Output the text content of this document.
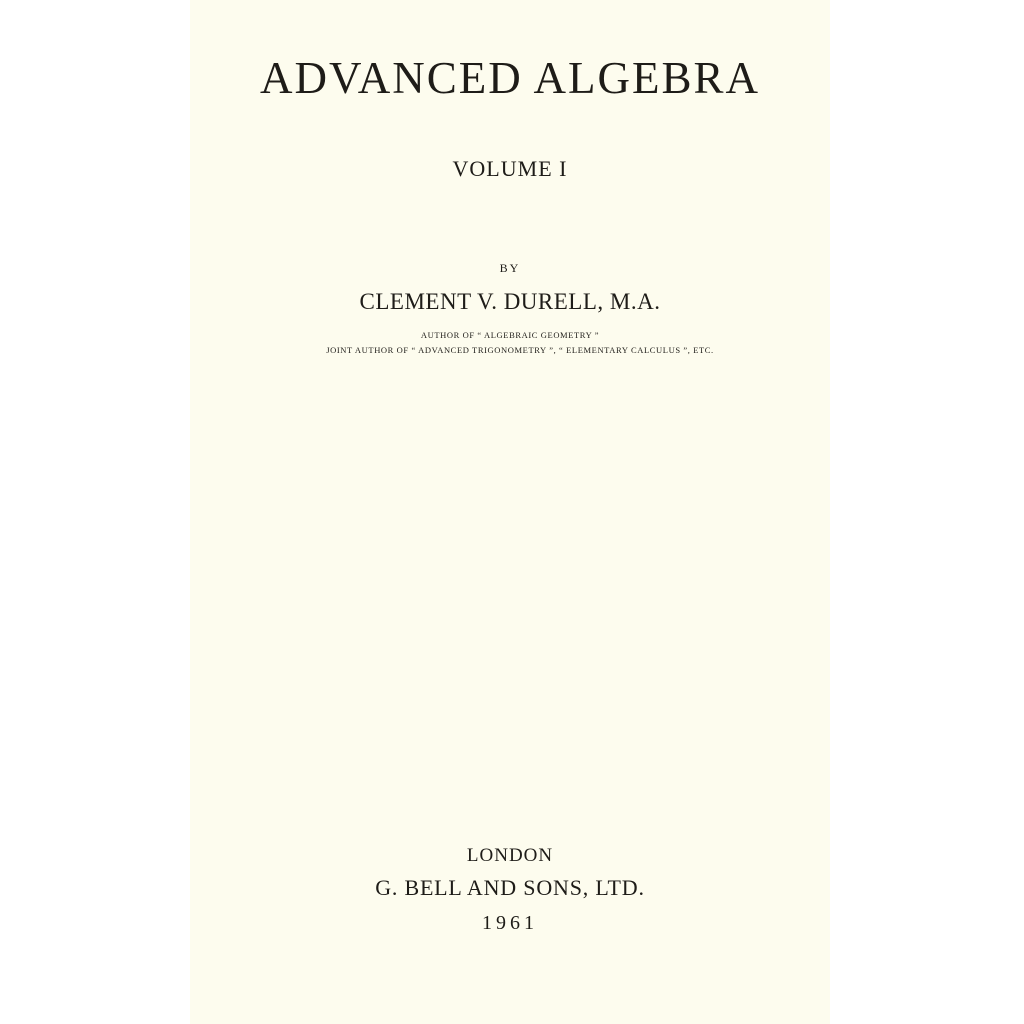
ADVANCED ALGEBRA
VOLUME I
BY
CLEMENT V. DURELL, M.A.
AUTHOR OF “ ALGEBRAIC GEOMETRY ”
JOINT AUTHOR OF “ ADVANCED TRIGONOMETRY ”, “ ELEMENTARY CALCULUS ”, ETC.
LONDON
G. BELL AND SONS, LTD.
1961
